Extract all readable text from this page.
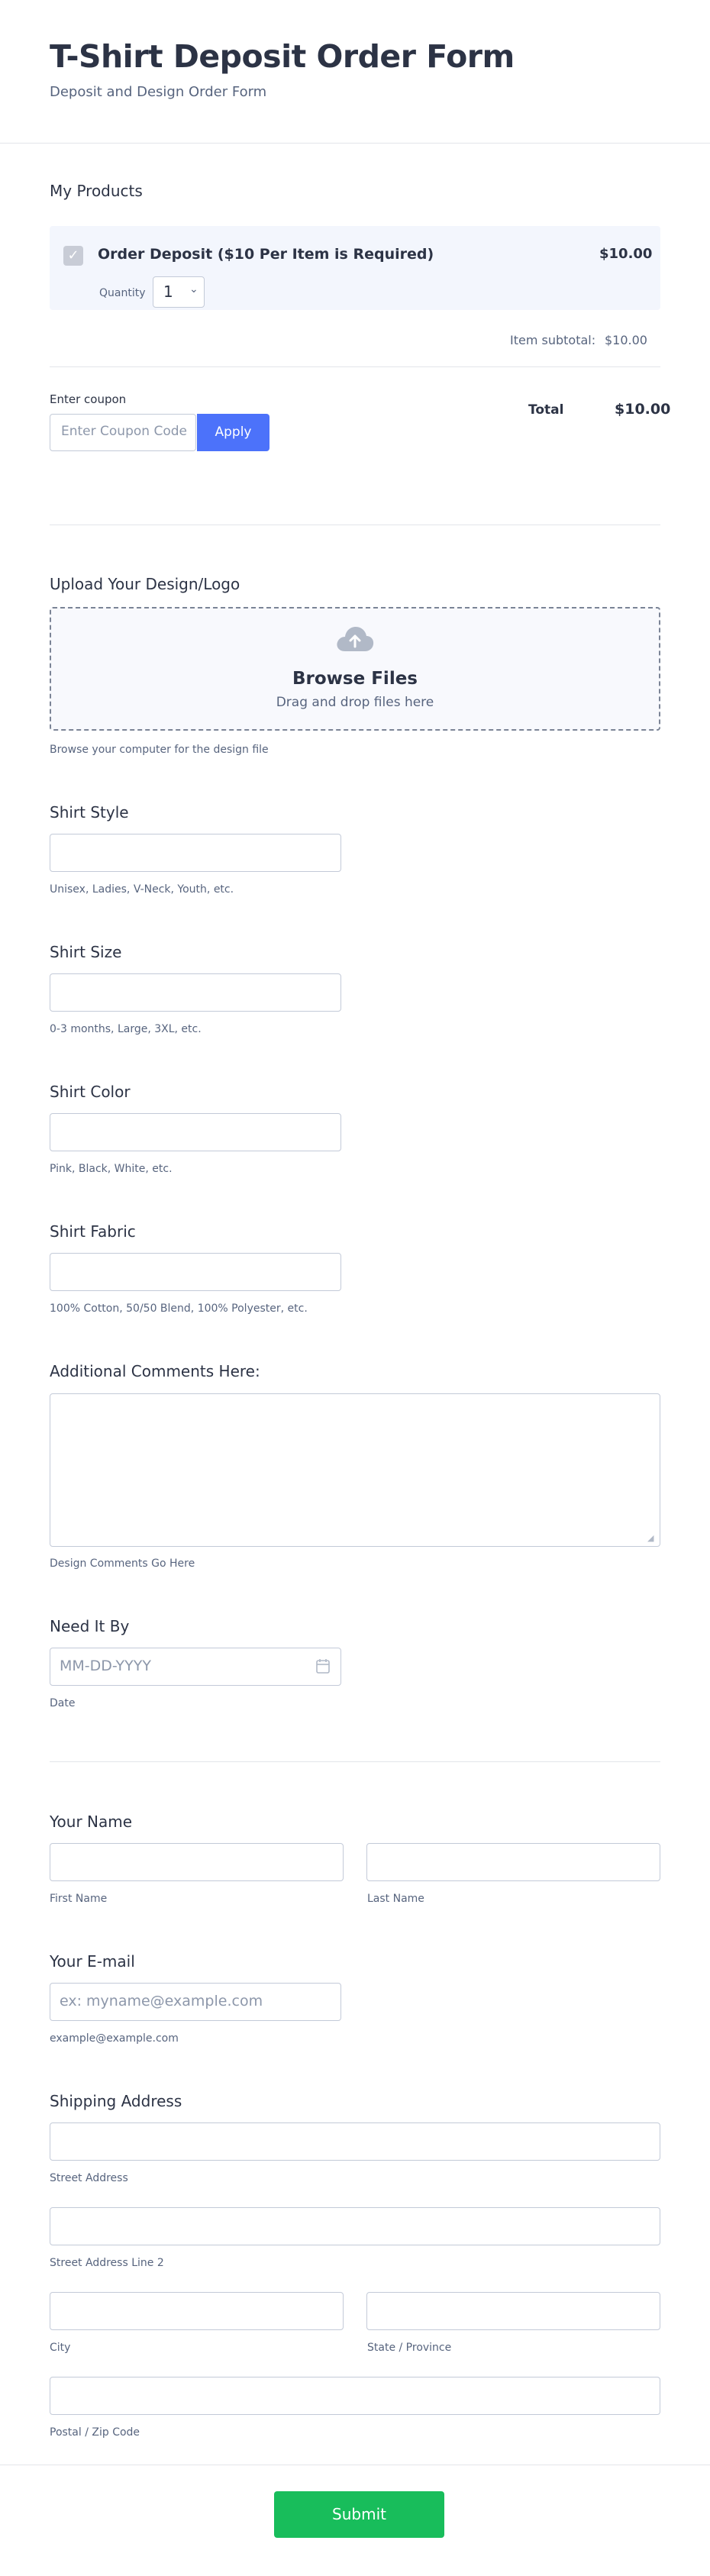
T-Shirt Deposit Order Form
Deposit and Design Order Form
My Products
✓ Order Deposit ($10 Per Item is Required)	$10.00
Quantity 1 ⌄
Item subtotal: $10.00
Enter coupon
Enter Coupon Code	Apply
Total	$10.00
Upload Your Design/Logo
Browse Files
Drag and drop files here
Browse your computer for the design file
Shirt Style
Unisex, Ladies, V-Neck, Youth, etc.
Shirt Size
0-3 months, Large, 3XL, etc.
Shirt Color
Pink, Black, White, etc.
Shirt Fabric
100% Cotton, 50/50 Blend, 100% Polyester, etc.
Additional Comments Here:
◢
Design Comments Go Here
Need It By
MM-DD-YYYY
Date
Your Name
First Name	Last Name
Your E-mail
ex: myname@example.com
example@example.com
Shipping Address
Street Address
Street Address Line 2
City	State / Province
Postal / Zip Code
Submit
